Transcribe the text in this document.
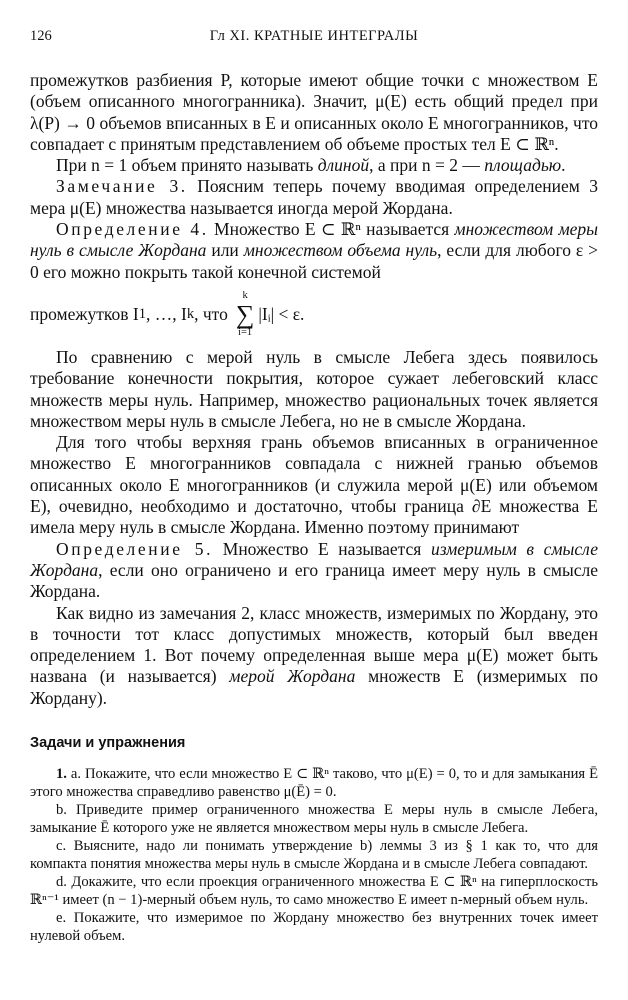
126	Гл XI. КРАТНЫЕ ИНТЕГРАЛЫ

промежутков разбиения P, которые имеют общие точки с множеством E (объем описанного многогранника). Значит, μ(E) есть общий предел при λ(P) → 0 объемов вписанных в E и описанных около E многогранников, что совпадает с принятым представлением об объеме простых тел E ⊂ ℝⁿ.

При n = 1 объем принято называть длиной, а при n = 2 — площадью.

Замечание 3. Поясним теперь почему вводимая определением 3 мера μ(E) множества называется иногда мерой Жордана.

Определение 4. Множество E ⊂ ℝⁿ называется множеством меры нуль в смысле Жордана или множеством объема нуль, если для любого ε > 0 его можно покрыть такой конечной системой

промежутков I 1 , …, I k , что
k
∑
i=1
|Iᵢ| < ε.

По сравнению с мерой нуль в смысле Лебега здесь появилось требование конечности покрытия, которое сужает лебеговский класс множеств меры нуль. Например, множество рациональных точек является множеством меры нуль в смысле Лебега, но не в смысле Жордана.

Для того чтобы верхняя грань объемов вписанных в ограниченное множество E многогранников совпадала с нижней гранью объемов описанных около E многогранников (и служила мерой μ(E) или объемом E), очевидно, необходимо и достаточно, чтобы граница ∂E множества E имела меру нуль в смысле Жордана. Именно поэтому принимают

Определение 5. Множество E называется измеримым в смысле Жордана, если оно ограничено и его граница имеет меру нуль в смысле Жордана.

Как видно из замечания 2, класс множеств, измеримых по Жордану, это в точности тот класс допустимых множеств, который был введен определением 1. Вот почему определенная выше мера μ(E) может быть названа (и называется) мерой Жордана множеств E (измеримых по Жордану).

Задачи и упражнения

1. a. Покажите, что если множество E ⊂ ℝⁿ таково, что μ(E) = 0, то и для замыкания Ē этого множества справедливо равенство μ(Ē) = 0.

b. Приведите пример ограниченного множества E меры нуль в смысле Лебега, замыкание Ē которого уже не является множеством меры нуль в смысле Лебега.

c. Выясните, надо ли понимать утверждение b) леммы 3 из § 1 как то, что для компакта понятия множества меры нуль в смысле Жордана и в смысле Лебега совпадают.

d. Докажите, что если проекция ограниченного множества E ⊂ ℝⁿ на гиперплоскость ℝⁿ⁻¹ имеет (n − 1)-мерный объем нуль, то само множество E имеет n-мерный объем нуль.

e. Покажите, что измеримое по Жордану множество без внутренних точек имеет нулевой объем.
